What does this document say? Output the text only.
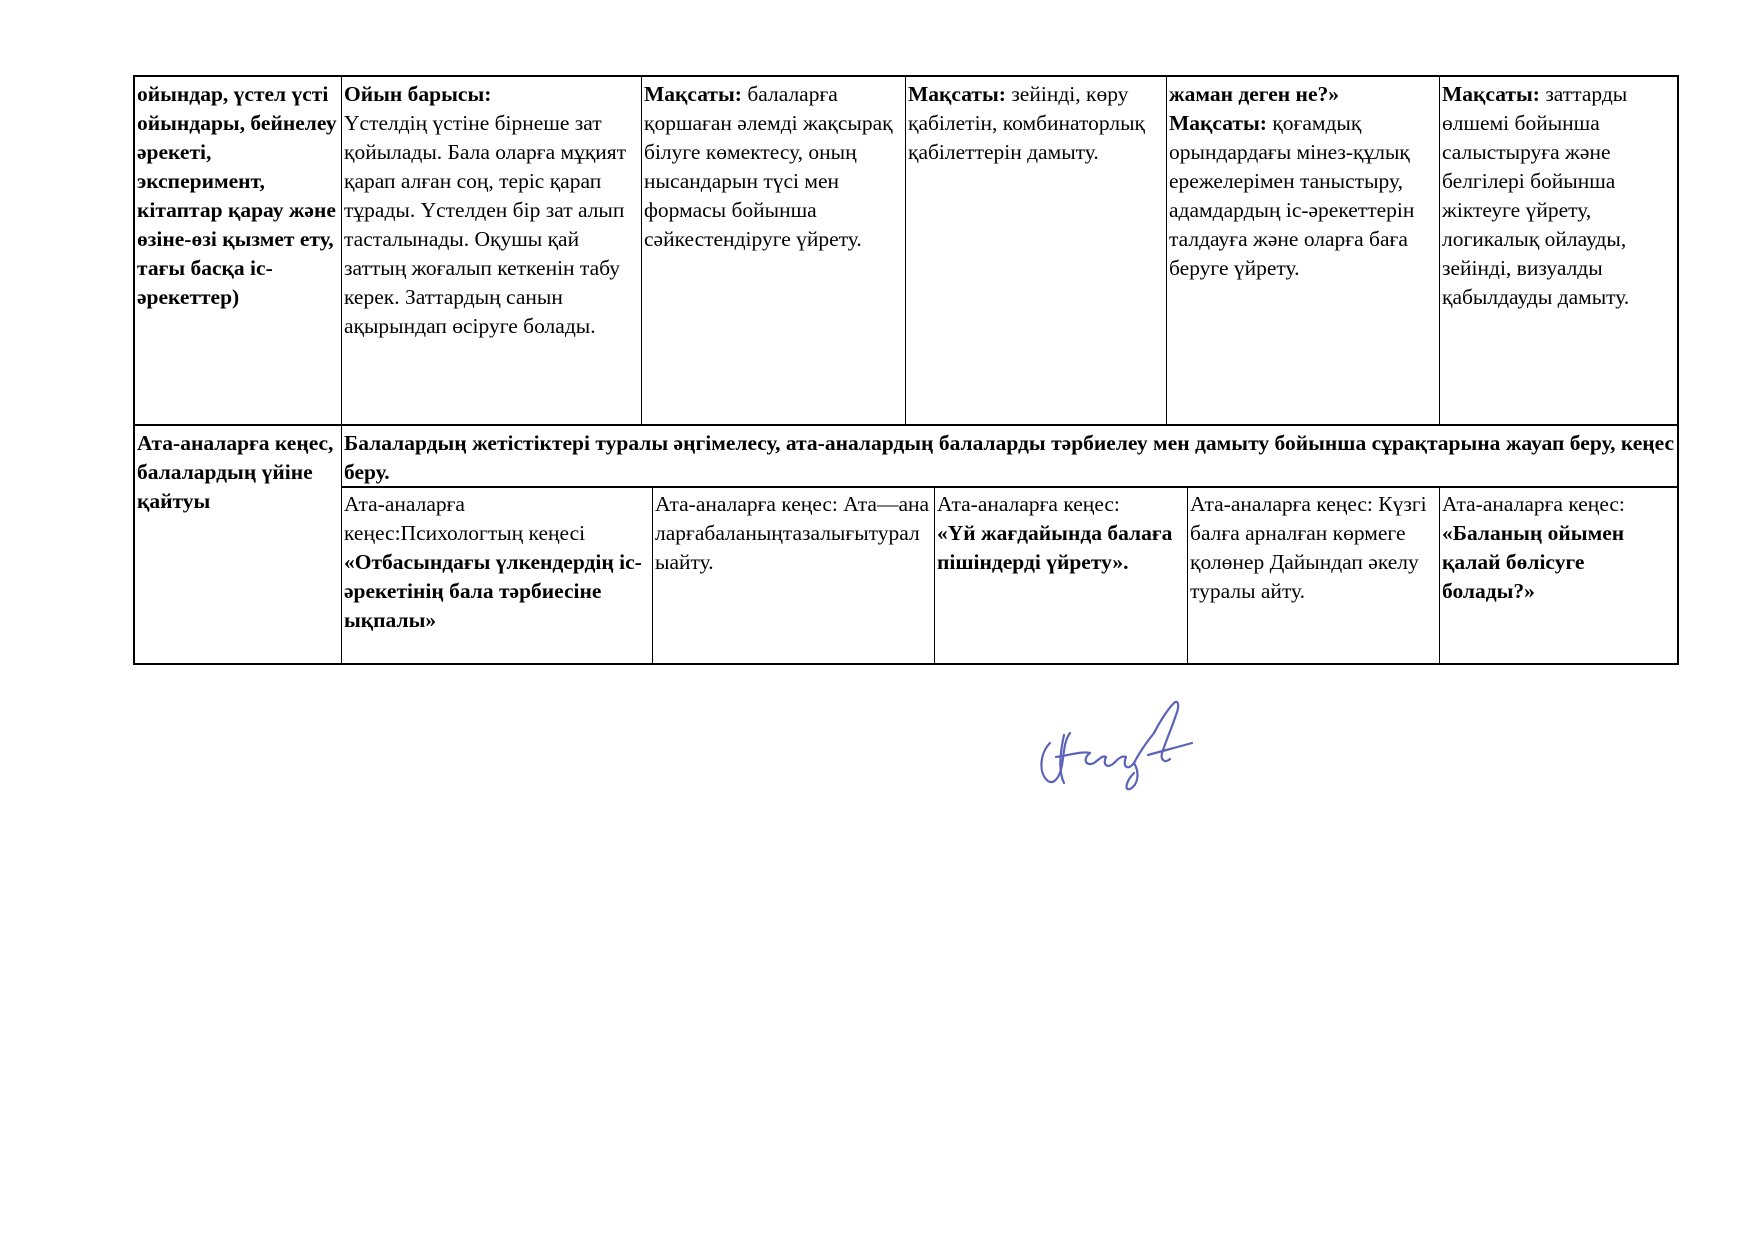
ойындар, үстел үсті ойындары, бейнелеу әрекеті, эксперимент, кітаптар қарау және өзіне-өзі қызмет ету, тағы басқа іс-әрекеттер)
Ойын барысы:
Үстелдің үстіне бірнеше зат қойылады. Бала оларға мұқият қарап алған соң, теріс қарап тұрады. Үстелден бір зат алып тасталынады. Оқушы қай заттың жоғалып кеткенін табу керек. Заттардың санын ақырындап өсіруге болады.
Мақсаты: балаларға қоршаған әлемді жақсырақ білуге көмектесу, оның нысандарын түсі мен формасы бойынша сәйкестендіруге үйрету.
Мақсаты: зейінді, көру қабілетін, комбинаторлық қабілеттерін дамыту.
жаман деген не?»
Мақсаты: қоғамдық орындардағы мінез-құлық ережелерімен таныстыру, адамдардың іс-әрекеттерін талдауға және оларға баға беруге үйрету.
Мақсаты: заттарды өлшемі бойынша салыстыруға және белгілері бойынша жіктеуге үйрету, логикалық ойлауды, зейінді, визуалды қабылдауды дамыту.
Ата-аналарға кеңес, балалардың үйіне қайтуы
Балалардың жетістіктері туралы әңгімелесу, ата-аналардың балаларды тәрбиелеу мен дамыту бойынша сұрақтарына жауап беру, кеңес беру.
Ата-аналарға кеңес:Психологтың кеңесі
«Отбасындағы үлкендердің іс-әрекетінің бала тәрбиесіне ықпалы»
Ата-аналарға кеңес: Ата—аналарғабаланыңтазалығытуралыайту.
Ата-аналарға кеңес:
«Үй жағдайында балаға пішіндерді үйрету».
Ата-аналарға кеңес: Күзгі балға арналған көрмеге қолөнер Дайындап әкелу туралы айту.
Ата-аналарға кеңес:
«Баланың ойымен қалай бөлісуге болады?»
